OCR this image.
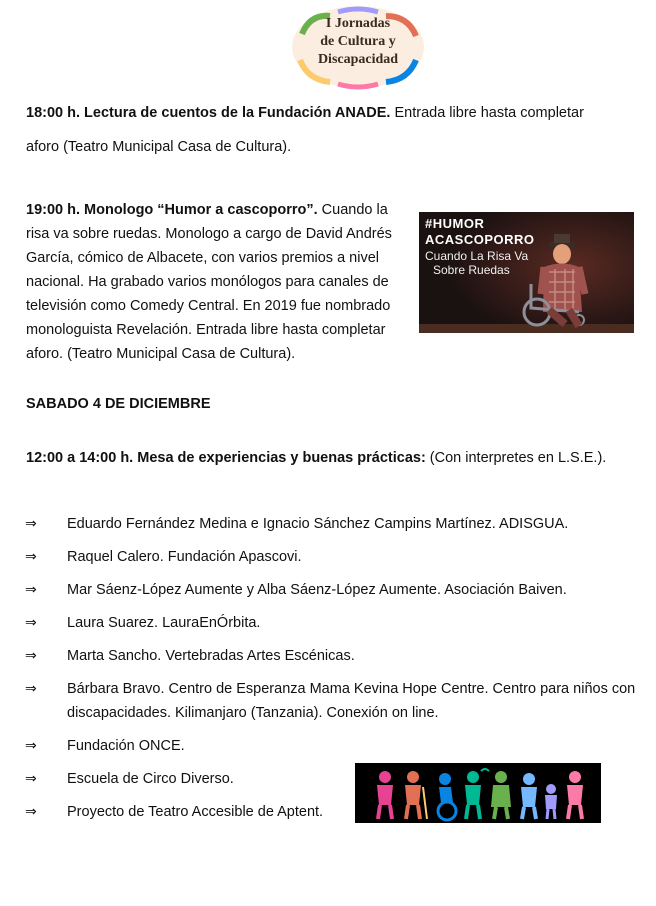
I Jornadas
de Cultura y
Discapacidad
18:00 h. Lectura de cuentos de la Fundación ANADE. Entrada libre hasta completar
aforo (Teatro Municipal Casa de Cultura).
19:00 h. Monologo “Humor a cascoporro”. Cuando la risa va sobre ruedas. Monologo a cargo de David Andrés García, cómico de Albacete, con varios premios a nivel nacional. Ha grabado varios monólogos para canales de televisión como Comedy Central. En 2019 fue nombrado monologuista Revelación. Entrada libre hasta completar aforo. (Teatro Municipal Casa de Cultura).
#HUMOR
ACASCOPORRO
Cuando La Risa Va
Sobre Ruedas
SABADO 4 DE DICIEMBRE
12:00 a 14:00 h. Mesa de experiencias y buenas prácticas: (Con interpretes en L.S.E.).
⇒ Eduardo Fernández Medina e Ignacio Sánchez Campins Martínez. ADISGUA.
⇒ Raquel Calero. Fundación Apascovi.
⇒ Mar Sáenz-López Aumente y Alba Sáenz-López Aumente. Asociación Baiven.
⇒ Laura Suarez. LauraEnÓrbita.
⇒ Marta Sancho. Vertebradas Artes Escénicas.
⇒ Bárbara Bravo. Centro de Esperanza Mama Kevina Hope Centre. Centro para niños con discapacidades. Kilimanjaro (Tanzania). Conexión on line.
⇒ Fundación ONCE.
⇒ Escuela de Circo Diverso.
⇒ Proyecto de Teatro Accesible de Aptent.
